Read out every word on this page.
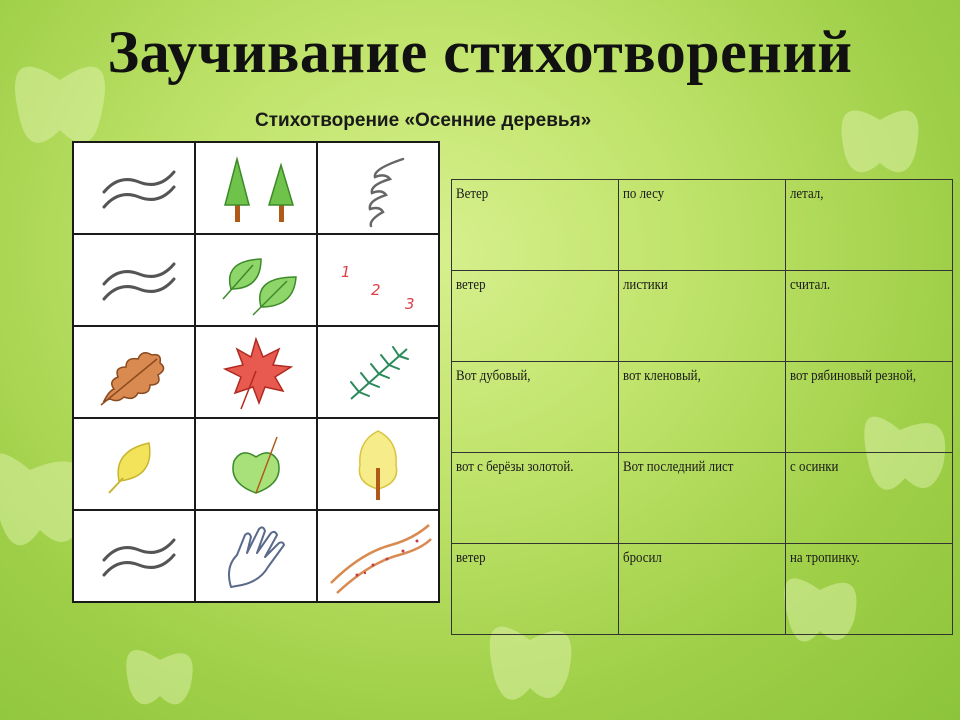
Заучивание стихотворений

Стихотворение «Осенние деревья»

1
2
3

Ветер	по лесу	летал,
ветер	листики	считал.
Вот дубовый,	вот кленовый,	вот рябиновый резной,
вот с берёзы золотой.	Вот последний лист	с осинки
ветер	бросил	на тропинку.
